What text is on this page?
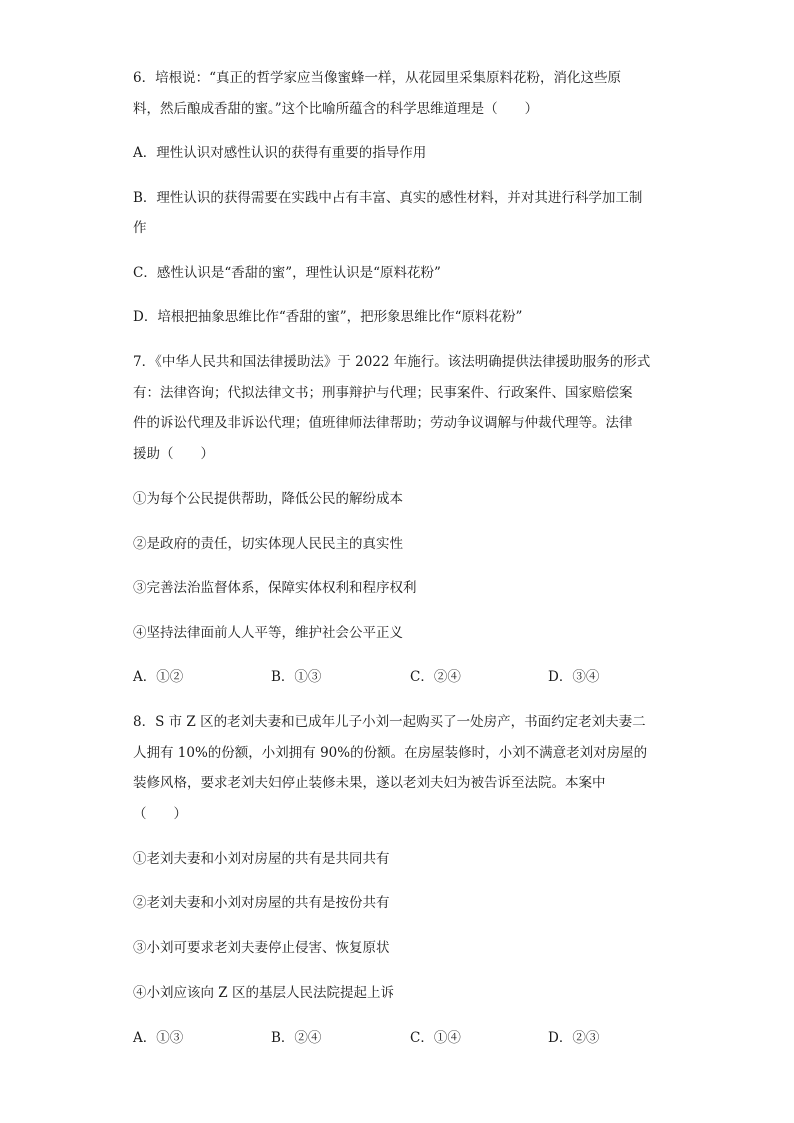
6．培根说：“真正的哲学家应当像蜜蜂一样，从花园里采集原料花粉，消化这些原
料，然后酿成香甜的蜜。”这个比喻所蕴含的科学思维道理是（　　）
A．理性认识对感性认识的获得有重要的指导作用
B．理性认识的获得需要在实践中占有丰富、真实的感性材料，并对其进行科学加工制
作
C．感性认识是“香甜的蜜”，理性认识是“原料花粉”
D．培根把抽象思维比作“香甜的蜜”，把形象思维比作“原料花粉”
7．《中华人民共和国法律援助法》于 2022 年施行。该法明确提供法律援助服务的形式
有：法律咨询；代拟法律文书；刑事辩护与代理；民事案件、行政案件、国家赔偿案
件的诉讼代理及非诉讼代理；值班律师法律帮助；劳动争议调解与仲裁代理等。法律
援助（　　）
①为每个公民提供帮助，降低公民的解纷成本
②是政府的责任，切实体现人民民主的真实性
③完善法治监督体系，保障实体权利和程序权利
④坚持法律面前人人平等，维护社会公平正义
A．①②	B．①③	C．②④	D．③④
8．S 市 Z 区的老刘夫妻和已成年儿子小刘一起购买了一处房产，书面约定老刘夫妻二
人拥有 10%的份额，小刘拥有 90%的份额。在房屋装修时，小刘不满意老刘对房屋的
装修风格，要求老刘夫妇停止装修未果，遂以老刘夫妇为被告诉至法院。本案中
（　　）
①老刘夫妻和小刘对房屋的共有是共同共有
②老刘夫妻和小刘对房屋的共有是按份共有
③小刘可要求老刘夫妻停止侵害、恢复原状
④小刘应该向 Z 区的基层人民法院提起上诉
A．①③	B．②④	C．①④	D．②③
